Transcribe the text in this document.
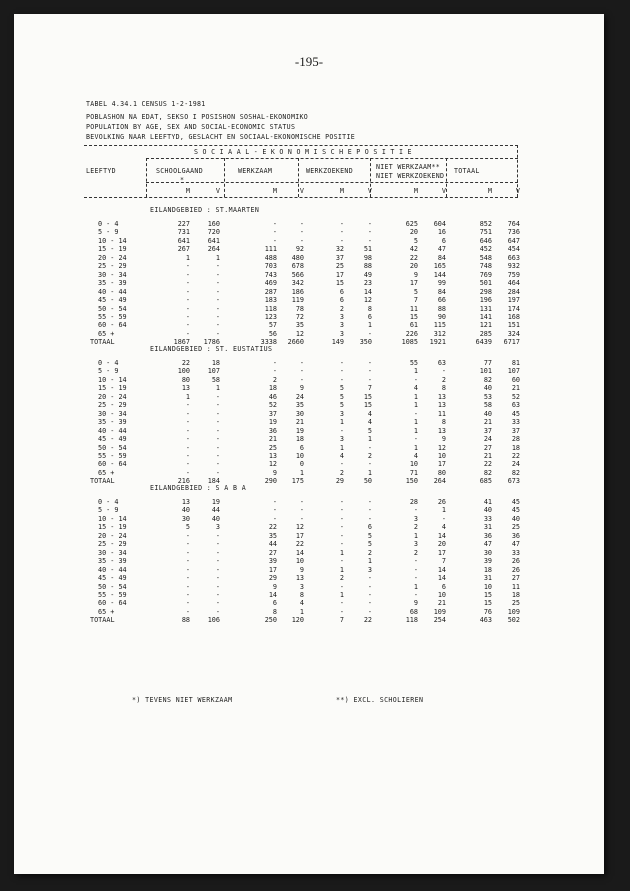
-195-
TABEL 4.34.1 CENSUS 1-2-1981
POBLASHON NA EDAT, SEKSO I POSISHON SOSHAL-EKONOMIKO
POPULATION BY AGE, SEX AND SOCIAL-ECONOMIC STATUS
BEVOLKING NAAR LEEFTYD, GESLACHT EN SOCIAAL-EKONOMISCHE POSITIE
S O C I A A L - E K O N O M I S C H E P O S I T I E
LEEFTYD	SCHOOLGAAND
*
WERKZAAM	WERKZOEKEND	NIET WERKZAAM**
NIET WERKZOEKEND
TOTAAL
M	V	M	V	M	V	M	V	M	V
EILANDGEBIED : ST.MAARTEN
0 - 4	227	160	-	-	-	-	625	604	852	764
5 - 9	731	720	-	-	-	-	20	16	751	736
10 - 14	641	641	-	-	-	-	5	6	646	647
15 - 19	267	264	111	92	32	51	42	47	452	454
20 - 24	1	1	488	480	37	98	22	84	548	663
25 - 29	-	-	703	678	25	88	20	165	748	932
30 - 34	-	-	743	566	17	49	9	144	769	759
35 - 39	-	-	469	342	15	23	17	99	501	464
40 - 44	-	-	287	186	6	14	5	84	298	284
45 - 49	-	-	183	119	6	12	7	66	196	197
50 - 54	-	-	118	78	2	8	11	88	131	174
55 - 59	-	-	123	72	3	6	15	90	141	168
60 - 64	-	-	57	35	3	1	61	115	121	151
65 +	-	-	56	12	3	-	226	312	285	324
TOTAAL	1867	1786	3338	2660	149	350	1085	1921	6439	6717
EILANDGEBIED : ST. EUSTATIUS
0 - 4	22	18	-	-	-	-	55	63	77	81
5 - 9	100	107	-	-	-	-	1	-	101	107
10 - 14	80	58	2	-	-	-	-	2	82	60
15 - 19	13	1	18	9	5	7	4	8	40	21
20 - 24	1	-	46	24	5	15	1	13	53	52
25 - 29	-	-	52	35	5	15	1	13	58	63
30 - 34	-	-	37	30	3	4	-	11	40	45
35 - 39	-	-	19	21	1	4	1	8	21	33
40 - 44	-	-	36	19	-	5	1	13	37	37
45 - 49	-	-	21	18	3	1	-	9	24	28
50 - 54	-	-	25	6	1	-	1	12	27	18
55 - 59	-	-	13	10	4	2	4	10	21	22
60 - 64	-	-	12	0	-	-	10	17	22	24
65 +	-	-	9	1	2	1	71	80	82	82
TOTAAL	216	184	290	175	29	50	150	264	685	673
EILANDGEBIED : S A B A
0 - 4	13	19	-	-	-	-	28	26	41	45
5 - 9	40	44	-	-	-	-	-	1	40	45
10 - 14	30	40	-	-	-	-	3	-	33	40
15 - 19	5	3	22	12	-	6	2	4	31	25
20 - 24	-	-	35	17	-	5	1	14	36	36
25 - 29	-	-	44	22	-	5	3	20	47	47
30 - 34	-	-	27	14	1	2	2	17	30	33
35 - 39	-	-	39	10	-	1	-	7	39	26
40 - 44	-	-	17	9	1	3	-	14	18	26
45 - 49	-	-	29	13	2	-	-	14	31	27
50 - 54	-	-	9	3	-	-	1	6	10	11
55 - 59	-	-	14	8	1	-	-	10	15	18
60 - 64	-	-	6	4	-	-	9	21	15	25
65 +	-	-	8	1	-	-	68	109	76	109
TOTAAL	88	106	250	120	7	22	118	254	463	502
*) TEVENS NIET WERKZAAM	**) EXCL. SCHOLIEREN
